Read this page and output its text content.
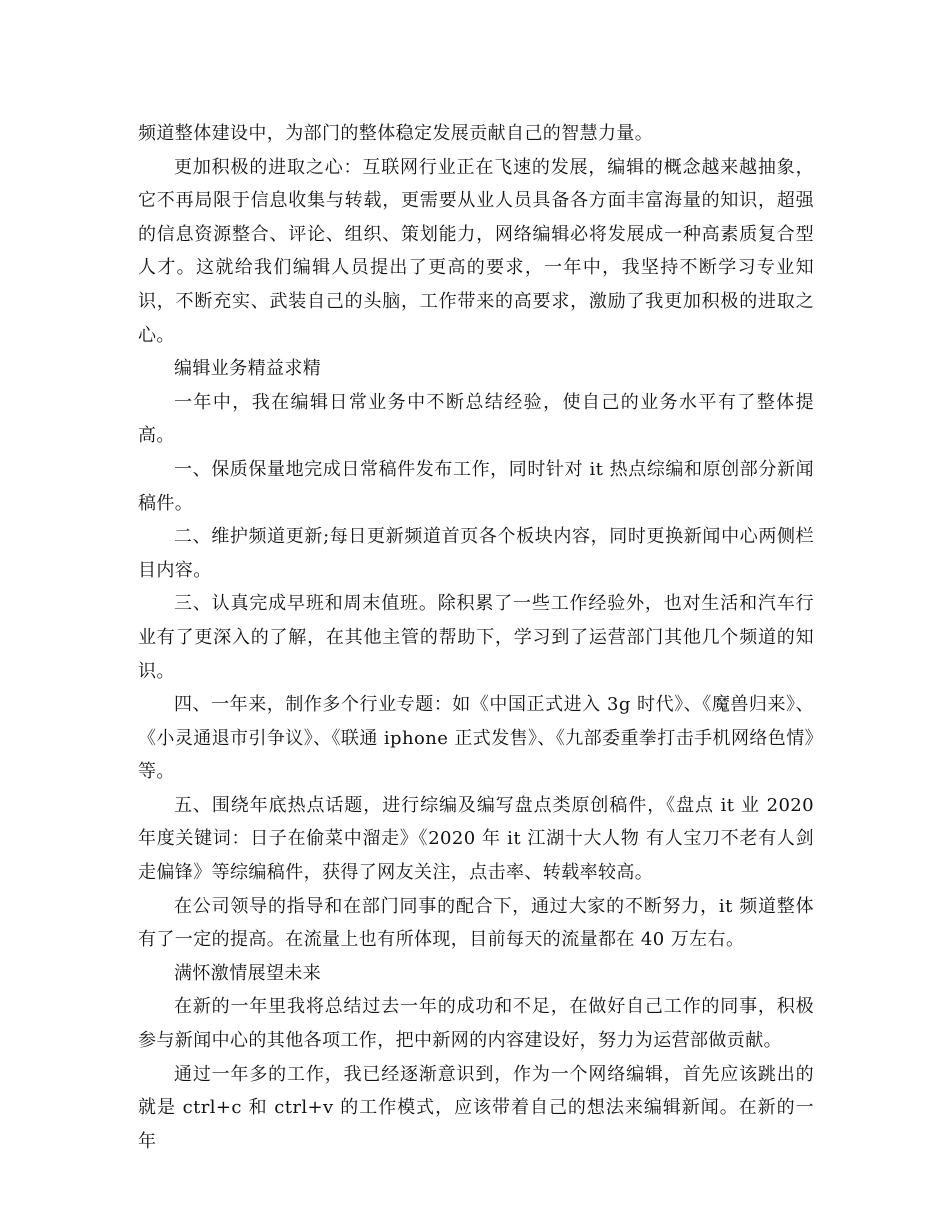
频道整体建设中，为部门的整体稳定发展贡献自己的智慧力量。

更加积极的进取之心：互联网行业正在飞速的发展，编辑的概念越来越抽象，它不再局限于信息收集与转载，更需要从业人员具备各方面丰富海量的知识，超强的信息资源整合、评论、组织、策划能力，网络编辑必将发展成一种高素质复合型人才。这就给我们编辑人员提出了更高的要求，一年中，我坚持不断学习专业知识，不断充实、武装自己的头脑，工作带来的高要求，激励了我更加积极的进取之心。

编辑业务精益求精

一年中，我在编辑日常业务中不断总结经验，使自己的业务水平有了整体提高。

一、保质保量地完成日常稿件发布工作，同时针对 it 热点综编和原创部分新闻稿件。

二、维护频道更新;每日更新频道首页各个板块内容，同时更换新闻中心两侧栏目内容。

三、认真完成早班和周末值班。除积累了一些工作经验外，也对生活和汽车行业有了更深入的了解，在其他主管的帮助下，学习到了运营部门其他几个频道的知识。

四、一年来，制作多个行业专题：如《中国正式进入 3g 时代》、《魔兽归来》、《小灵通退市引争议》、《联通 iphone 正式发售》、《九部委重拳打击手机网络色情》等。

五、围绕年底热点话题，进行综编及编写盘点类原创稿件，《盘点 it 业 2020 年度关键词：日子在偷菜中溜走》《2020 年 it 江湖十大人物 有人宝刀不老有人剑走偏锋》等综编稿件，获得了网友关注，点击率、转载率较高。

在公司领导的指导和在部门同事的配合下，通过大家的不断努力，it 频道整体有了一定的提高。在流量上也有所体现，目前每天的流量都在 40 万左右。

满怀激情展望未来

在新的一年里我将总结过去一年的成功和不足，在做好自己工作的同事，积极参与新闻中心的其他各项工作，把中新网的内容建设好，努力为运营部做贡献。

通过一年多的工作，我已经逐渐意识到，作为一个网络编辑，首先应该跳出的就是 ctrl+c 和 ctrl+v 的工作模式，应该带着自己的想法来编辑新闻。在新的一年
